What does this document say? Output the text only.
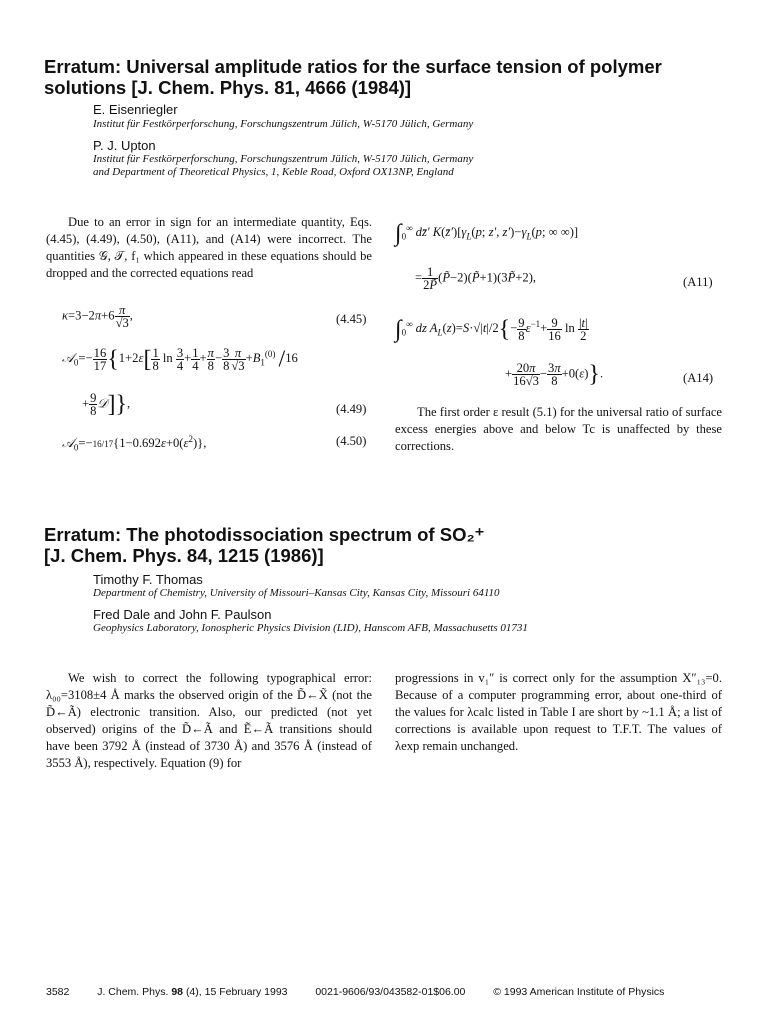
Erratum: Universal amplitude ratios for the surface tension of polymer
solutions [J. Chem. Phys. 81, 4666 (1984)]
E. Eisenriegler
Institut für Festkörperforschung, Forschungszentrum Jülich, W-5170 Jülich, Germany
P. J. Upton
Institut für Festkörperforschung, Forschungszentrum Jülich, W-5170 Jülich, Germany
and Department of Theoretical Physics, 1, Keble Road, Oxford OX13NP, England
Due to an error in sign for an intermediate quantity, Eqs. (4.45), (4.49), (4.50), (A11), and (A14) were incorrect. The quantities 𝒢, 𝒯, f₁ which appeared in these equations should be dropped and the corrected equations read
$\kappa=3-2\pi+6 \frac{\pi}{√3}$ ,	(4.45)
𝒜$_0$=− $\frac{16}{17} \{1+2\varepsilon[ \frac{1}{8}$ $\ln \frac{3}{4} + \frac{1}{4} + \frac{\pi}{8} - \frac{3}{8} \frac{\pi}{√3} +B_1^{(0)}$ /16
+ $\frac{9}{8}$ 𝒟]},	(4.49)
$𝒜_0=-16/17\{1-0.692\varepsilon+0(\varepsilon^2)\}$,	(4.50)
$\int_0^\infty$ dz̄′ $K(z̄')[\gamma_L(p$; z′, $z')-\gamma_L(p$; ∞ ∞)]
= $\frac{1}{2P̃}$ (P̃−2)(P̃+1)(3P̃+2),	(A11)
$\int_0^\infty$ dz $A_L(z)=S\cdot√|t|/2\{- \frac{9}{8} \varepsilon^{-1}+ \frac{9}{16}$ $\ln \frac{|t|}{2}$
+ $\frac{20\pi}{16√3} - \frac{3\pi}{8} +0(\varepsilon)$}.	(A14)
The first order ε result (5.1) for the universal ratio of surface excess energies above and below Tc is unaffected by these corrections.
Erratum: The photodissociation spectrum of SO₂⁺
[J. Chem. Phys. 84, 1215 (1986)]
Timothy F. Thomas
Department of Chemistry, University of Missouri–Kansas City, Kansas City, Missouri 64110
Fred Dale and John F. Paulson
Geophysics Laboratory, Ionospheric Physics Division (LID), Hanscom AFB, Massachusetts 01731
We wish to correct the following typographical error: λ₀₀=3108±4 Å marks the observed origin of the D̃←X̃ (not the D̃←Ã) electronic transition. Also, our predicted (not yet observed) origins of the D̃←Ã and Ẽ←Ã transitions should have been 3792 Å (instead of 3730 Å) and 3576 Å (instead of 3553 Å), respectively. Equation (9) for
progressions in v₁″ is correct only for the assumption X″₁₃=0. Because of a computer programming error, about one-third of the values for λcalc listed in Table I are short by ~1.1 Å; a list of corrections is available upon request to T.F.T. The values of λexp remain unchanged.
3582	J. Chem. Phys. 98 (4), 15 February 1993	0021-9606/93/043582-01$06.00	© 1993 American Institute of Physics
